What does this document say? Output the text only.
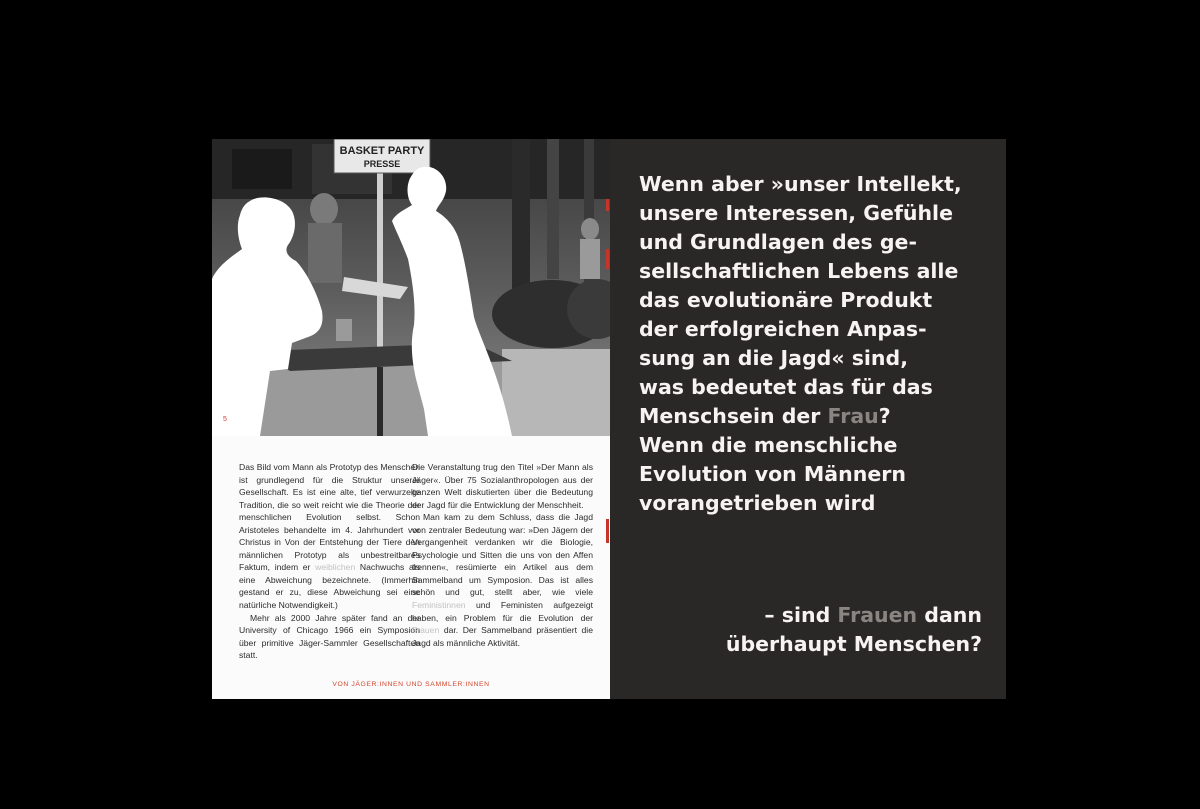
BASKET PARTY
PRESSE
5

Das Bild vom Mann als Prototyp des Menschen ist grundlegend für die Struktur unserer Gesellschaft. Es ist eine alte, tief verwurzelte Tradition, die so weit reicht wie die Theorie der menschlichen Evolution selbst. Schon Aristoteles behandelte im 4. Jahrhundert vor Christus in Von der Entstehung der Tiere den männlichen Prototyp als unbestreitbares Faktum, indem er weiblichen Nachwuchs als eine Abweichung bezeichnete. (Immerhin gestand er zu, diese Abweichung sei eine natürliche Notwendigkeit.)

Mehr als 2000 Jahre später fand an der University of Chicago 1966 ein Symposion über primitive Jäger-Sammler Gesellschaften statt.

Die Veranstaltung trug den Titel »Der Mann als Jäger«. Über 75 Sozialanthropologen aus der ganzen Welt diskutierten über die Bedeutung der Jagd für die Entwicklung der Menschheit.

Man kam zu dem Schluss, dass die Jagd von zentraler Bedeutung war: »Den Jägern der Vergangenheit verdanken wir die Biologie, Psychologie und Sitten die uns von den Affen trennen«, resümierte ein Artikel aus dem Sammelband um Symposion. Das ist alles schön und gut, stellt aber, wie viele Feministinnen und Feministen aufgezeigt haben, ein Problem für die Evolution der Frauen dar. Der Sammelband präsentiert die Jagd als männliche Aktivität.

VON JÄGER:INNEN UND SAMMLER:INNEN
Wenn aber »unser Intellekt,
unsere Interessen, Gefühle
und Grundlagen des ge-
sellschaftlichen Lebens alle
das evolutionäre Produkt
der erfolgreichen Anpas-
sung an die Jagd« sind,
was bedeutet das für das
Menschsein der Frau?
Wenn die menschliche
Evolution von Männern
vorangetrieben wird
– sind Frauen dann
überhaupt Menschen?
